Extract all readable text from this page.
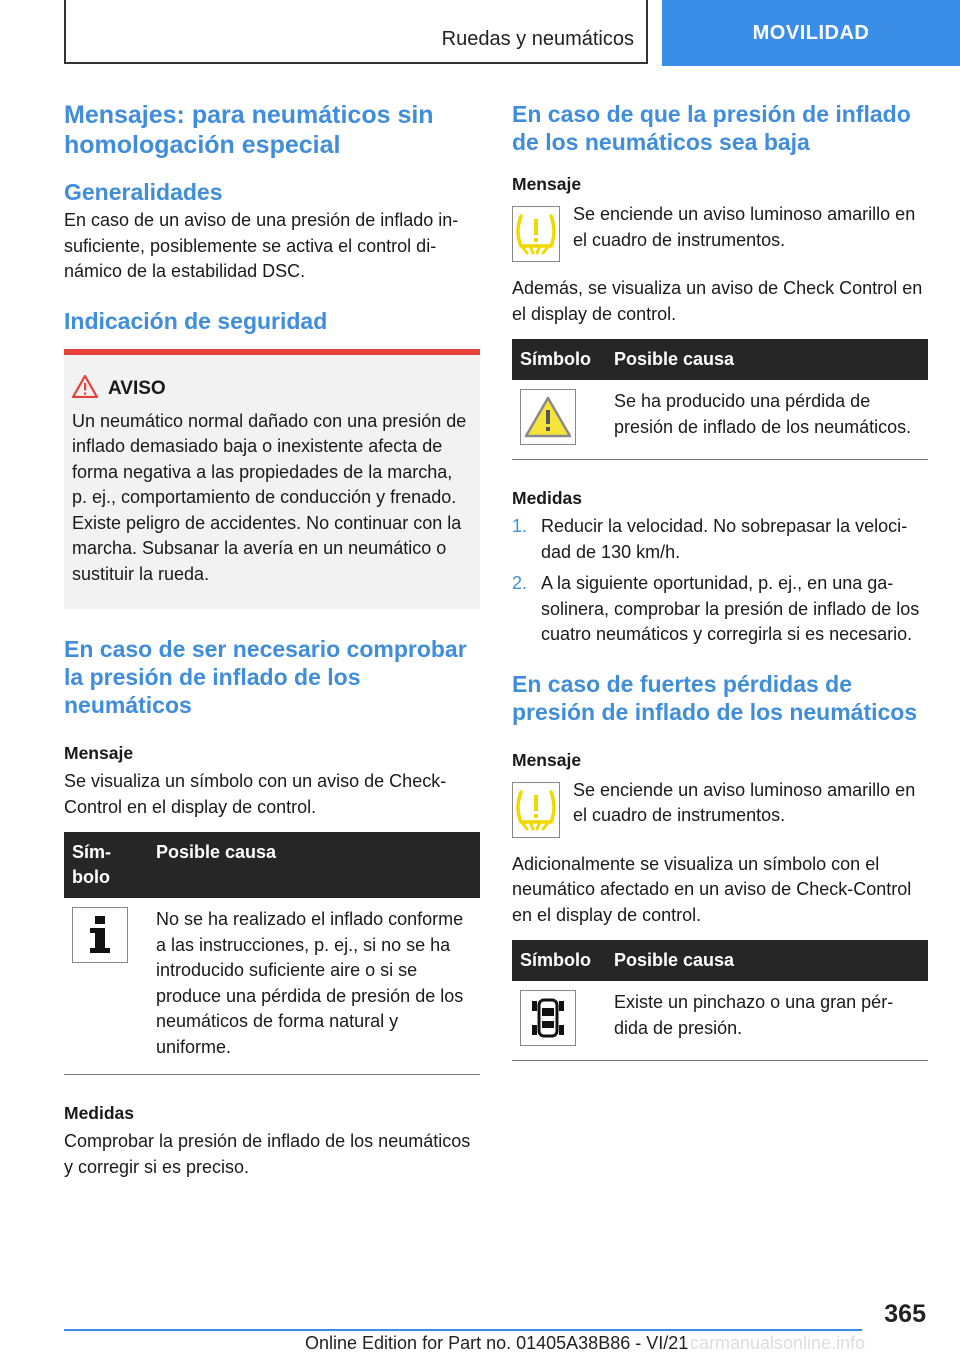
Ruedas y neumáticos	MOVILIDAD
Mensajes: para neumáticos sin homologación especial
Generalidades

En caso de un aviso de una presión de inflado insuficiente, posiblemente se activa el control dinámico de la estabilidad DSC.

Indicación de seguridad
AVISO

Un neumático normal dañado con una presión de inflado demasiado baja o inexistente afecta de forma negativa a las propiedades de la marcha, p. ej., comportamiento de conducción y frenado. Existe peligro de accidentes. No continuar con la marcha. Subsanar la avería en un neumático o sustituir la rueda.

En caso de ser necesario comprobar la presión de inflado de los neumáticos
Mensaje

Se visualiza un símbolo con un aviso de Check-Control en el display de control.

Símbolo	Posible causa

	No se ha realizado el inflado conforme a las instrucciones, p. ej., si no se ha introducido suficiente aire o si se produce una pérdida de presión de los neumáticos de forma natural y uniforme.
Medidas

Comprobar la presión de inflado de los neumáticos y corregir si es preciso.

En caso de que la presión de inflado de los neumáticos sea baja
Mensaje

Se enciende un aviso luminoso amarillo en el cuadro de instrumentos.

Además, se visualiza un aviso de Check Control en el display de control.

Símbolo	Posible causa

	Se ha producido una pérdida de presión de inflado de los neumáticos.
Medidas
1. Reducir la velocidad. No sobrepasar la velocidad de 130 km/h.
2. A la siguiente oportunidad, p. ej., en una gasolinera, comprobar la presión de inflado de los cuatro neumáticos y corregirla si es necesario.
En caso de fuertes pérdidas de presión de inflado de los neumáticos
Mensaje

Se enciende un aviso luminoso amarillo en el cuadro de instrumentos.

Adicionalmente se visualiza un símbolo con el neumático afectado en un aviso de Check-Control en el display de control.

Símbolo	Posible causa

	Existe un pinchazo o una gran pérdida de presión.
365
Online Edition for Part no. 01405A38B86 - VI/21 carmanualsonline.info
